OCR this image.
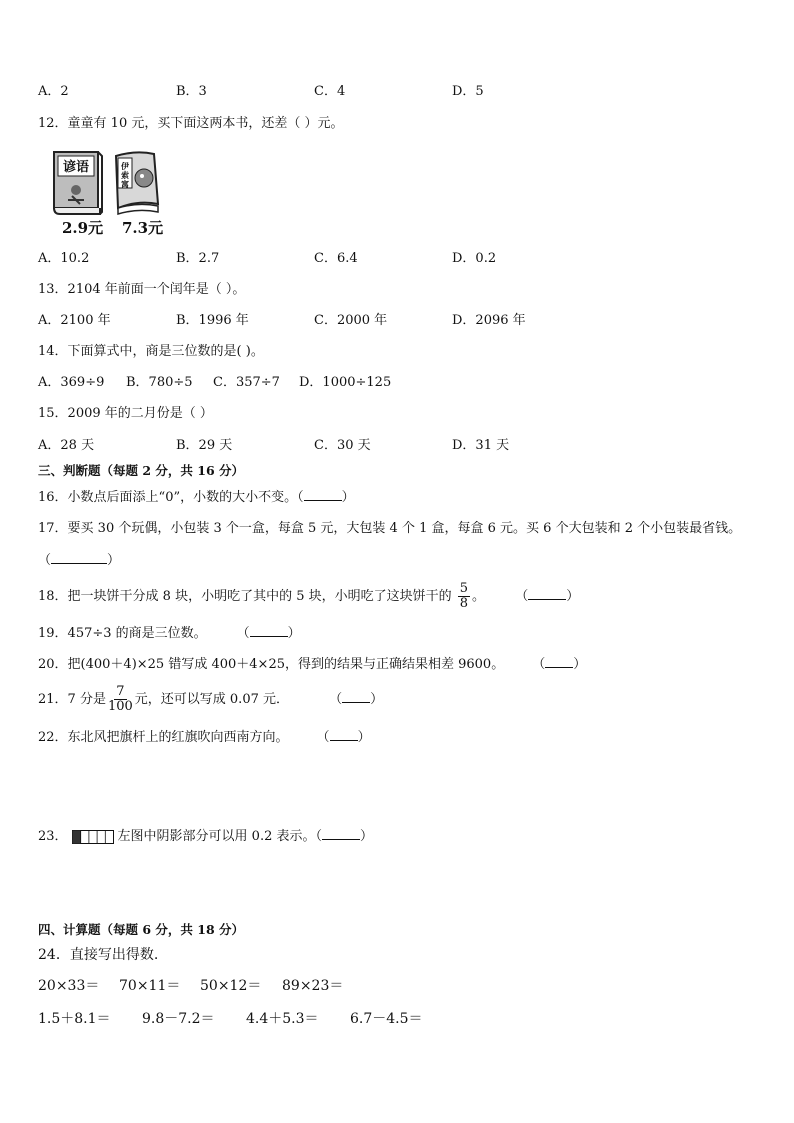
A．2	B．3	C．4	D．5
12．童童有 10 元，买下面这两本书，还差（ ）元。
谚语	伊
索
寓
2.9元 7.3元
A．10.2	B．2.7	C．6.4	D．0.2
13．2104 年前面一个闰年是（ ）。
A．2100 年	B．1996 年	C．2000 年	D．2096 年
14．下面算式中，商是三位数的是( )。
A．369÷9 B．780÷5 C．357÷7 D．1000÷125
15．2009 年的二月份是（ ）
A．28 天	B．29 天	C．30 天	D．31 天
三、判断题（每题 2 分，共 16 分）
16．小数点后面添上“0”，小数的大小不变。（	）
17．要买 30 个玩偶，小包装 3 个一盒，每盒 5 元，大包装 4 个 1 盒，每盒 6 元。买 6 个大包装和 2 个小包装最省钱。
（	）
18．把一块饼干分成 8 块，小明吃了其中的 5 块，小明吃了这块饼干的 $\frac{5}{8}$ 。 （	）
19．457÷3 的商是三位数。 （	）
20．把(400＋4)×25 错写成 400＋4×25，得到的结果与正确结果相差 9600。 （ ）
21．7 分是 $\frac{7}{100}$ 元，还可以写成 0.07 元．	（ ）
22．东北风把旗杆上的红旗吹向西南方向。 （ ）
23．	左图中阴影部分可以用 0.2 表示。（	）
四、计算题（每题 6 分，共 18 分）
24．直接写出得数.
20×33＝ 70×11＝ 50×12＝ 89×23＝
1.5＋8.1＝ 9.8－7.2＝ 4.4＋5.3＝ 6.7－4.5＝
